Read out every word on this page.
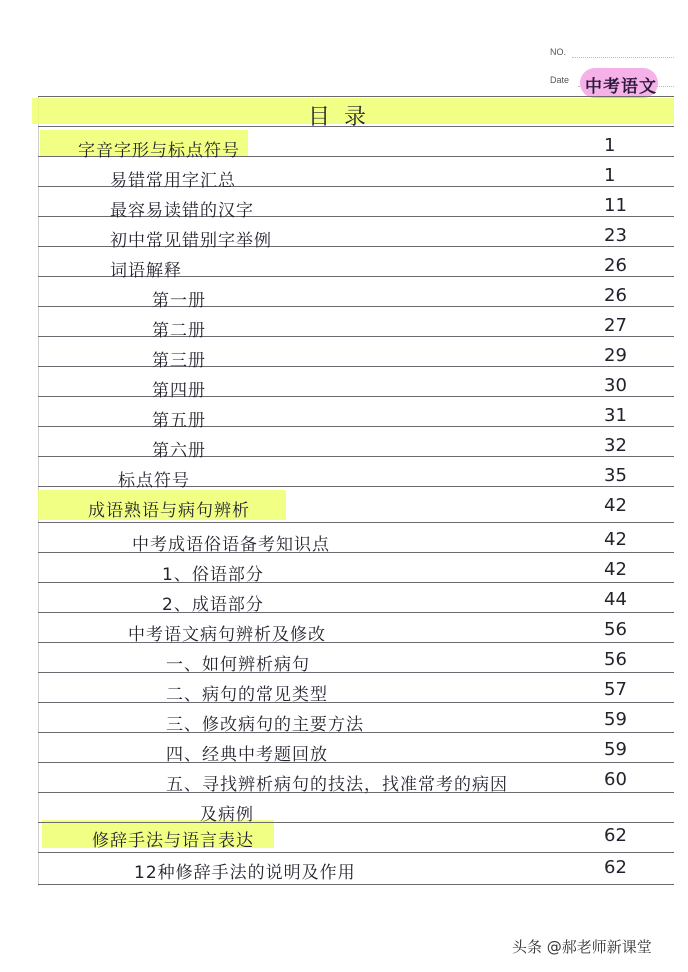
NO.
Date 中考语文
目录
字音字形与标点符号	1
易错常用字汇总	1
最容易读错的汉字	11
初中常见错别字举例	23
词语解释	26
第一册	26
第二册	27
第三册	29
第四册	30
第五册	31
第六册	32
标点符号	35
成语熟语与病句辨析	42
中考成语俗语备考知识点	42
1、俗语部分	42
2、成语部分	44
中考语文病句辨析及修改	56
一、如何辨析病句	56
二、病句的常见类型	57
三、修改病句的主要方法	59
四、经典中考题回放	59
五、寻找辨析病句的技法，找准常考的病因	60
及病例
修辞手法与语言表达	62
12种修辞手法的说明及作用	62
头条 @郝老师新课堂
